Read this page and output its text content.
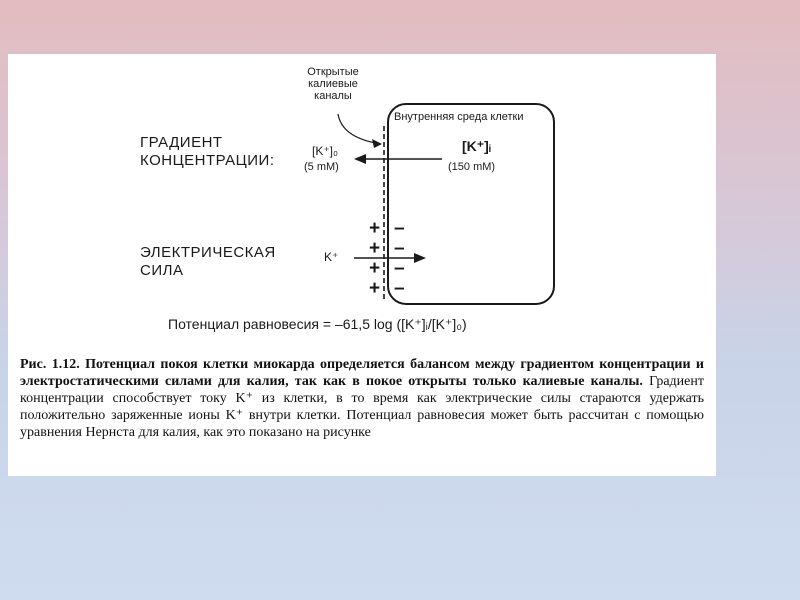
Открытые
калиевые
каналы
Внутренняя среда клетки
ГРАДИЕНТ
КОНЦЕНТРАЦИИ:
[K⁺]₀
(5 mM)
[K⁺]ᵢ
(150 mM)
ЭЛЕКТРИЧЕСКАЯ
СИЛА
K⁺
+
+
+
+
–
–
–
–
Потенциал равновесия = –61,5 log ([K⁺]ᵢ/[K⁺]₀)
Рис. 1.12. Потенциал покоя клетки миокарда определяется балансом между градиентом концентрации и электростатическими силами для калия, так как в покое открыты только калиевые каналы. Градиент концентрации способствует току K⁺ из клетки, в то время как электрические силы стараются удержать положительно заряженные ионы K⁺ внутри клетки. Потенциал равновесия может быть рассчитан с помощью уравнения Нернста для калия, как это показано на рисунке
